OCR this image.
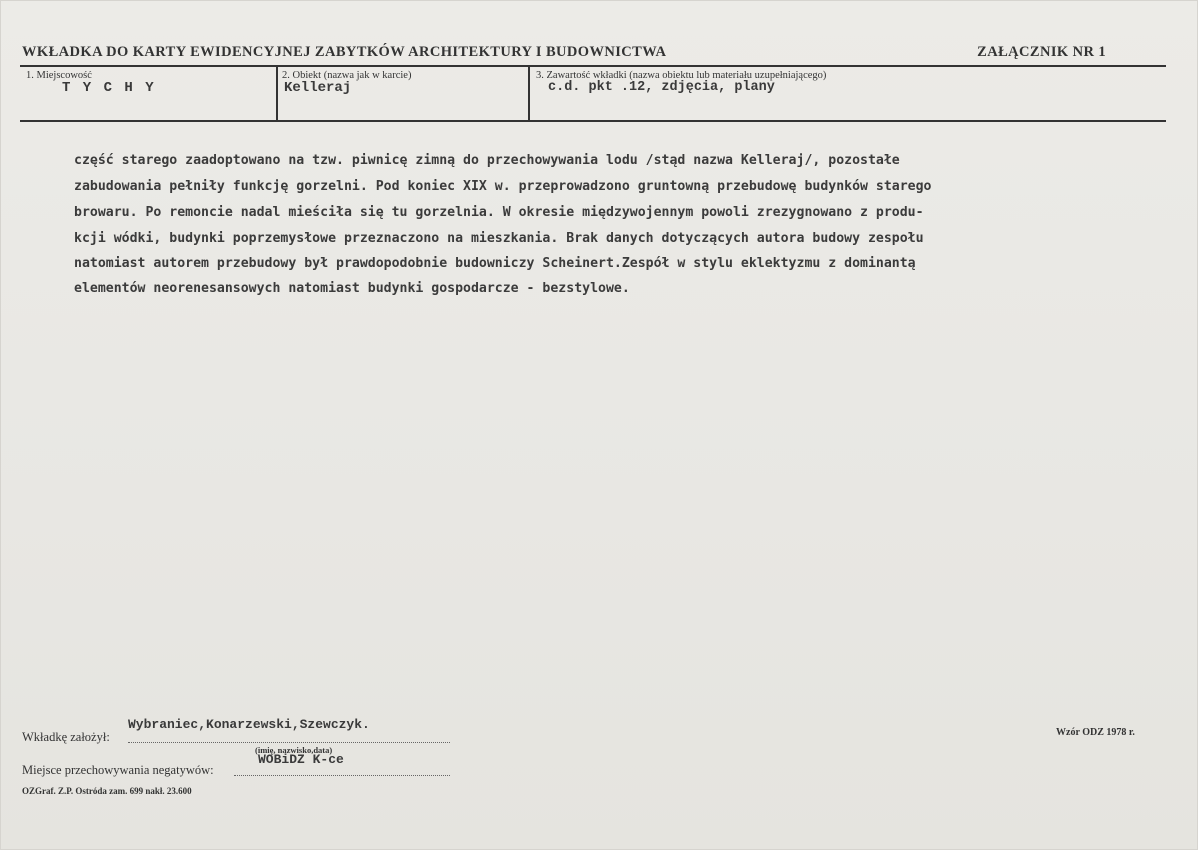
WKŁADKA DO KARTY EWIDENCYJNEJ ZABYTKÓW ARCHITEKTURY I BUDOWNICTWA	ZAŁĄCZNIK NR 1
1. Miejscowość
T Y C H Y
2. Obiekt (nazwa jak w karcie)
Kelleraj
3. Zawartość wkładki (nazwa obiektu lub materiału uzupełniającego)
c.d. pkt .12, zdjęcia, plany
część starego zaadoptowano na tzw. piwnicę zimną do przechowywania lodu /stąd nazwa Kelleraj/, pozostałe
zabudowania pełniły funkcję gorzelni. Pod koniec XIX w. przeprowadzono gruntowną przebudowę budynków starego
browaru. Po remoncie nadal mieściła się tu gorzelnia. W okresie międzywojennym powoli zrezygnowano z produ-
kcji wódki, budynki poprzemysłowe przeznaczono na mieszkania. Brak danych dotyczących autora budowy zespołu
natomiast autorem przebudowy był prawdopodobnie budowniczy Scheinert.Zespół w stylu eklektyzmu z dominantą
elementów neorenesansowych natomiast budynki gospodarcze - bezstylowe.
Wkładkę założył:
Wybraniec,Konarzewski,Szewczyk.
(imię, nazwisko,data)
Miejsce przechowywania negatywów:
WOBiDZ K-ce
OZGraf. Z.P. Ostróda zam. 699 nakł. 23.600
Wzór ODZ 1978 r.
